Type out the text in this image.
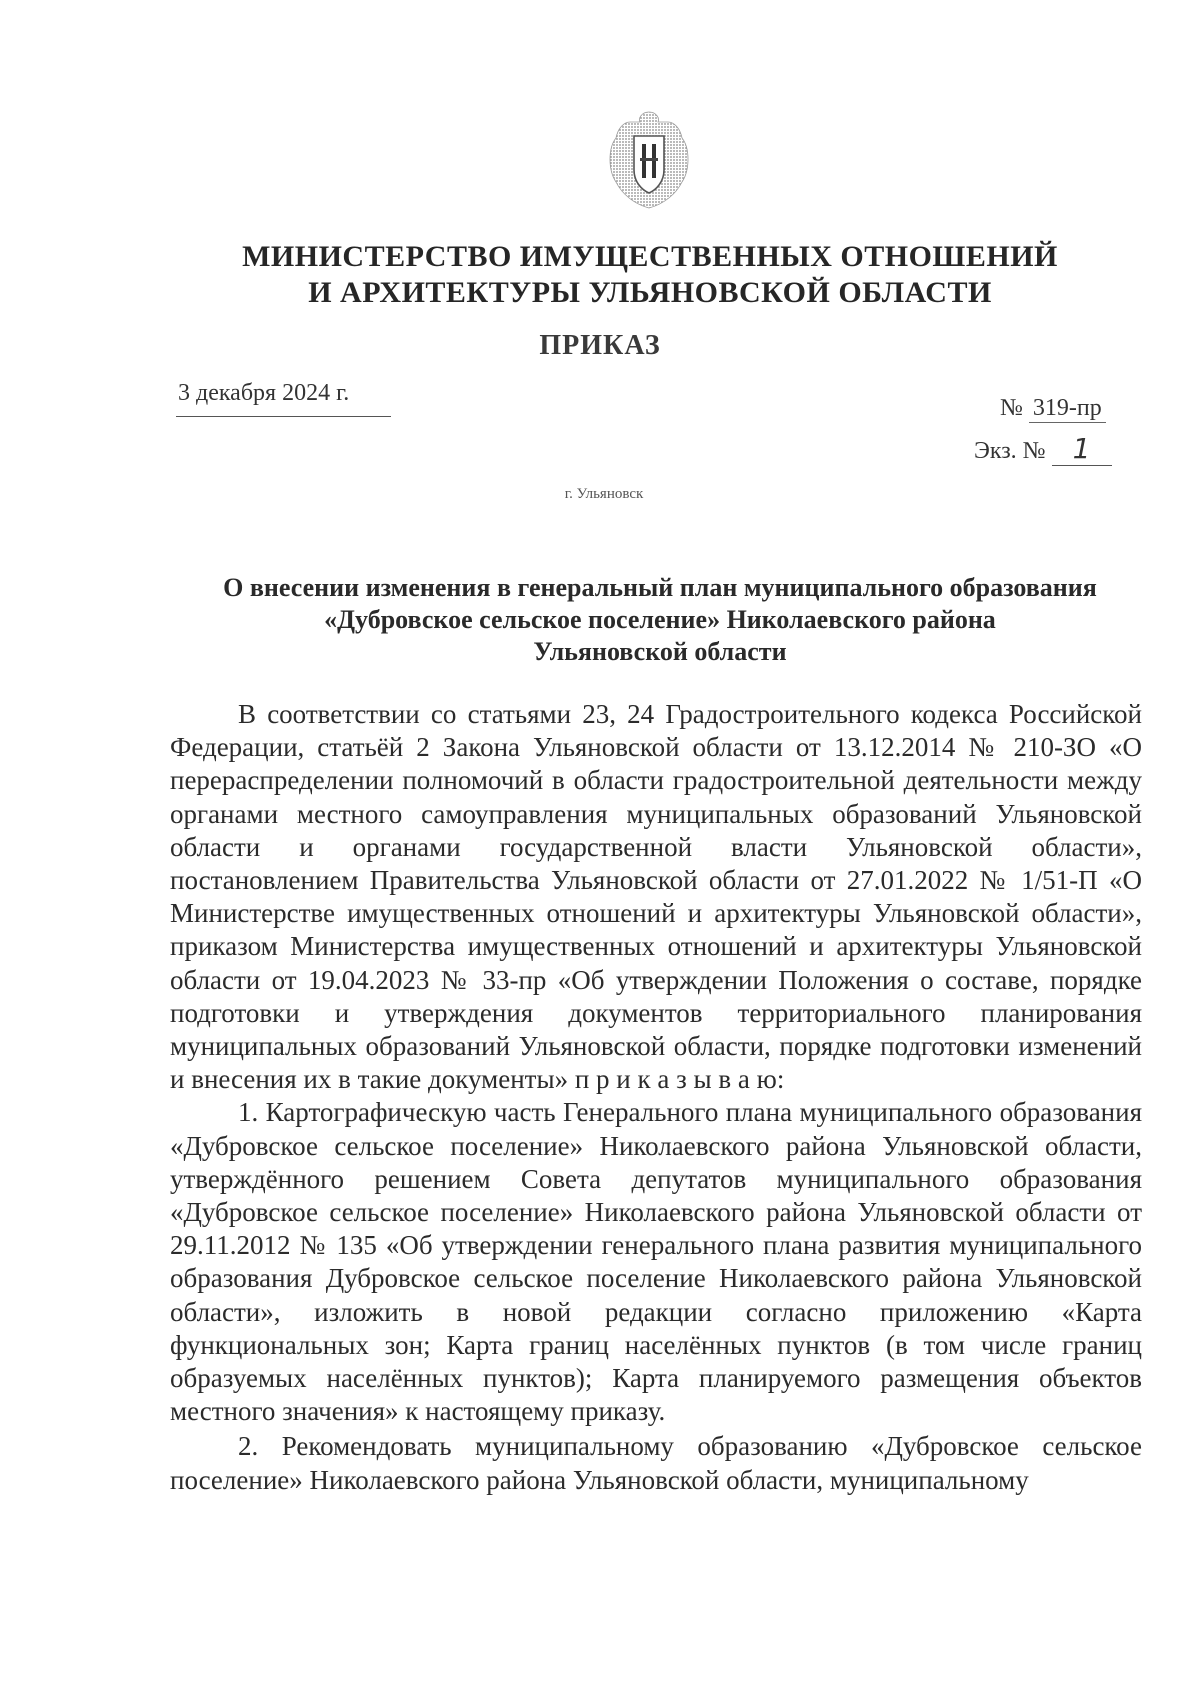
МИНИСТЕРСТВО ИМУЩЕСТВЕННЫХ ОТНОШЕНИЙ
И АРХИТЕКТУРЫ УЛЬЯНОВСКОЙ ОБЛАСТИ
ПРИКАЗ
3 декабря 2024 г.
№ 319-пр
Экз. № 1
г. Ульяновск
О внесении изменения в генеральный план муниципального образования
«Дубровское сельское поселение» Николаевского района
Ульяновской области

В соответствии со статьями 23, 24 Градостроительного кодекса Российской Федерации, статьёй 2 Закона Ульяновской области от 13.12.2014 № 210-ЗО «О перераспределении полномочий в области градостроительной деятельности между органами местного самоуправления муниципальных образований Ульяновской области и органами государственной власти Ульяновской области», постановлением Правительства Ульяновской области от 27.01.2022 № 1/51-П «О Министерстве имущественных отношений и архитектуры Ульяновской области», приказом Министерства имущественных отношений и архитектуры Ульяновской области от 19.04.2023 № 33-пр «Об утверждении Положения о составе, порядке подготовки и утверждения документов территориального планирования муниципальных образований Ульяновской области, порядке подготовки изменений и внесения их в такие документы» п р и к а з ы в а ю:

1. Картографическую часть Генерального плана муниципального образования «Дубровское сельское поселение» Николаевского района Ульяновской области, утверждённого решением Совета депутатов муниципального образования «Дубровское сельское поселение» Николаевского района Ульяновской области от 29.11.2012 № 135 «Об утверждении генерального плана развития муниципального образования Дубровское сельское поселение Николаевского района Ульяновской области», изложить в новой редакции согласно приложению «Карта функциональных зон; Карта границ населённых пунктов (в том числе границ образуемых населённых пунктов); Карта планируемого размещения объектов местного значения» к настоящему приказу.

2. Рекомендовать муниципальному образованию «Дубровское сельское поселение» Николаевского района Ульяновской области, муниципальному
